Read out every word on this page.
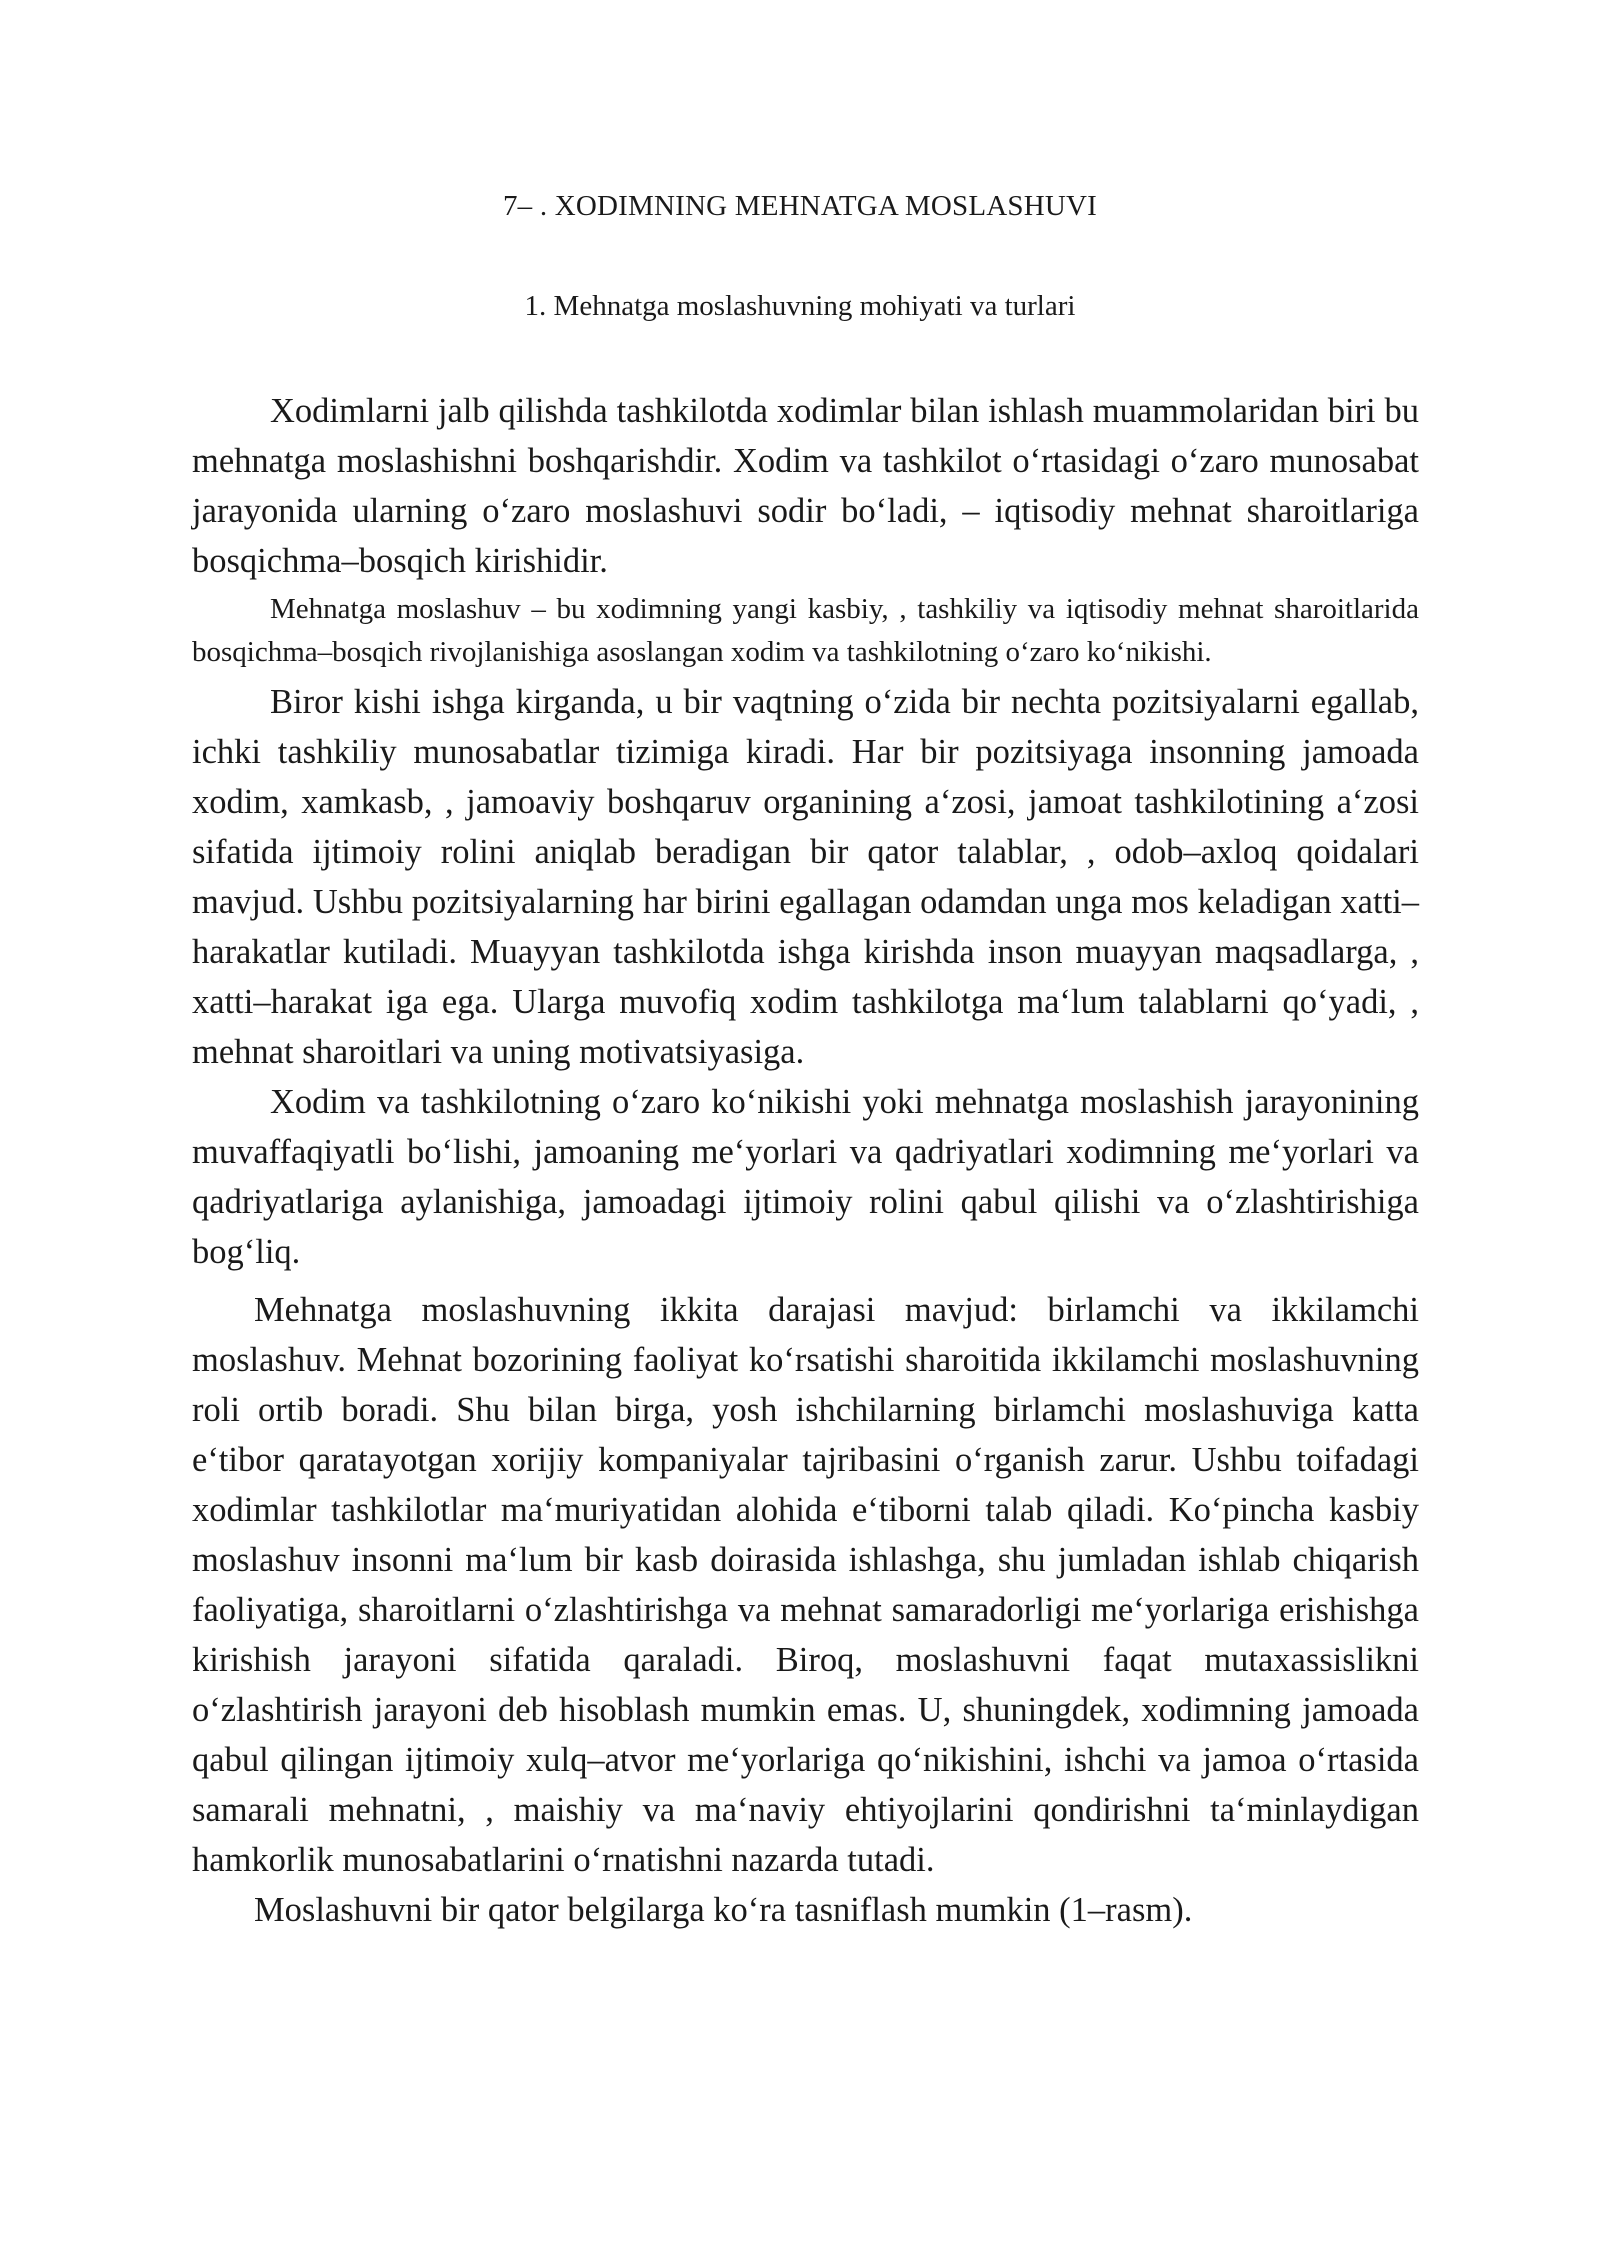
7– . XODIMNING MEHNATGA MOSLASHUVI
1. Mehnatga moslashuvning mohiyati va turlari

Xodimlarni jalb qilishda tashkilotda xodimlar bilan ishlash muammolaridan biri bu mehnatga moslashishni boshqarishdir. Xodim va tashkilot o‘rtasidagi o‘zaro munosabat jarayonida ularning o‘zaro moslashuvi sodir bo‘ladi, – iqtisodiy mehnat sharoitlariga bosqichma–bosqich kirishidir.

Mehnatga moslashuv – bu xodimning yangi kasbiy, , tashkiliy va iqtisodiy mehnat sharoitlarida bosqichma–bosqich rivojlanishiga asoslangan xodim va tashkilotning o‘zaro ko‘nikishi.

Biror kishi ishga kirganda, u bir vaqtning o‘zida bir nechta pozitsiyalarni egallab, ichki tashkiliy munosabatlar tizimiga kiradi. Har bir pozitsiyaga insonning jamoada xodim, xamkasb, , jamoaviy boshqaruv organining a‘zosi, jamoat tashkilotining a‘zosi sifatida ijtimoiy rolini aniqlab beradigan bir qator talablar, , odob–axloq qoidalari mavjud. Ushbu pozitsiyalarning har birini egallagan odamdan unga mos keladigan xatti–harakatlar kutiladi. Muayyan tashkilotda ishga kirishda inson muayyan maqsadlarga, , xatti–harakat iga ega. Ularga muvofiq xodim tashkilotga ma‘lum talablarni qo‘yadi, , mehnat sharoitlari va uning motivatsiyasiga.

Xodim va tashkilotning o‘zaro ko‘nikishi yoki mehnatga moslashish jarayonining muvaffaqiyatli bo‘lishi, jamoaning me‘yorlari va qadriyatlari xodimning me‘yorlari va qadriyatlariga aylanishiga, jamoadagi ijtimoiy rolini qabul qilishi va o‘zlashtirishiga bog‘liq.

Mehnatga moslashuvning ikkita darajasi mavjud: birlamchi va ikkilamchi moslashuv. Mehnat bozorining faoliyat ko‘rsatishi sharoitida ikkilamchi moslashuvning roli ortib boradi. Shu bilan birga, yosh ishchilarning birlamchi moslashuviga katta e‘tibor qaratayotgan xorijiy kompaniyalar tajribasini o‘rganish zarur. Ushbu toifadagi xodimlar tashkilotlar ma‘muriyatidan alohida e‘tiborni talab qiladi. Ko‘pincha kasbiy moslashuv insonni ma‘lum bir kasb doirasida ishlashga, shu jumladan ishlab chiqarish faoliyatiga, sharoitlarni o‘zlashtirishga va mehnat samaradorligi me‘yorlariga erishishga kirishish jarayoni sifatida qaraladi. Biroq, moslashuvni faqat mutaxassislikni o‘zlashtirish jarayoni deb hisoblash mumkin emas. U, shuningdek, xodimning jamoada qabul qilingan ijtimoiy xulq–atvor me‘yorlariga qo‘nikishini, ishchi va jamoa o‘rtasida samarali mehnatni, , maishiy va ma‘naviy ehtiyojlarini qondirishni ta‘minlaydigan hamkorlik munosabatlarini o‘rnatishni nazarda tutadi.

Moslashuvni bir qator belgilarga ko‘ra tasniflash mumkin (1–rasm).
